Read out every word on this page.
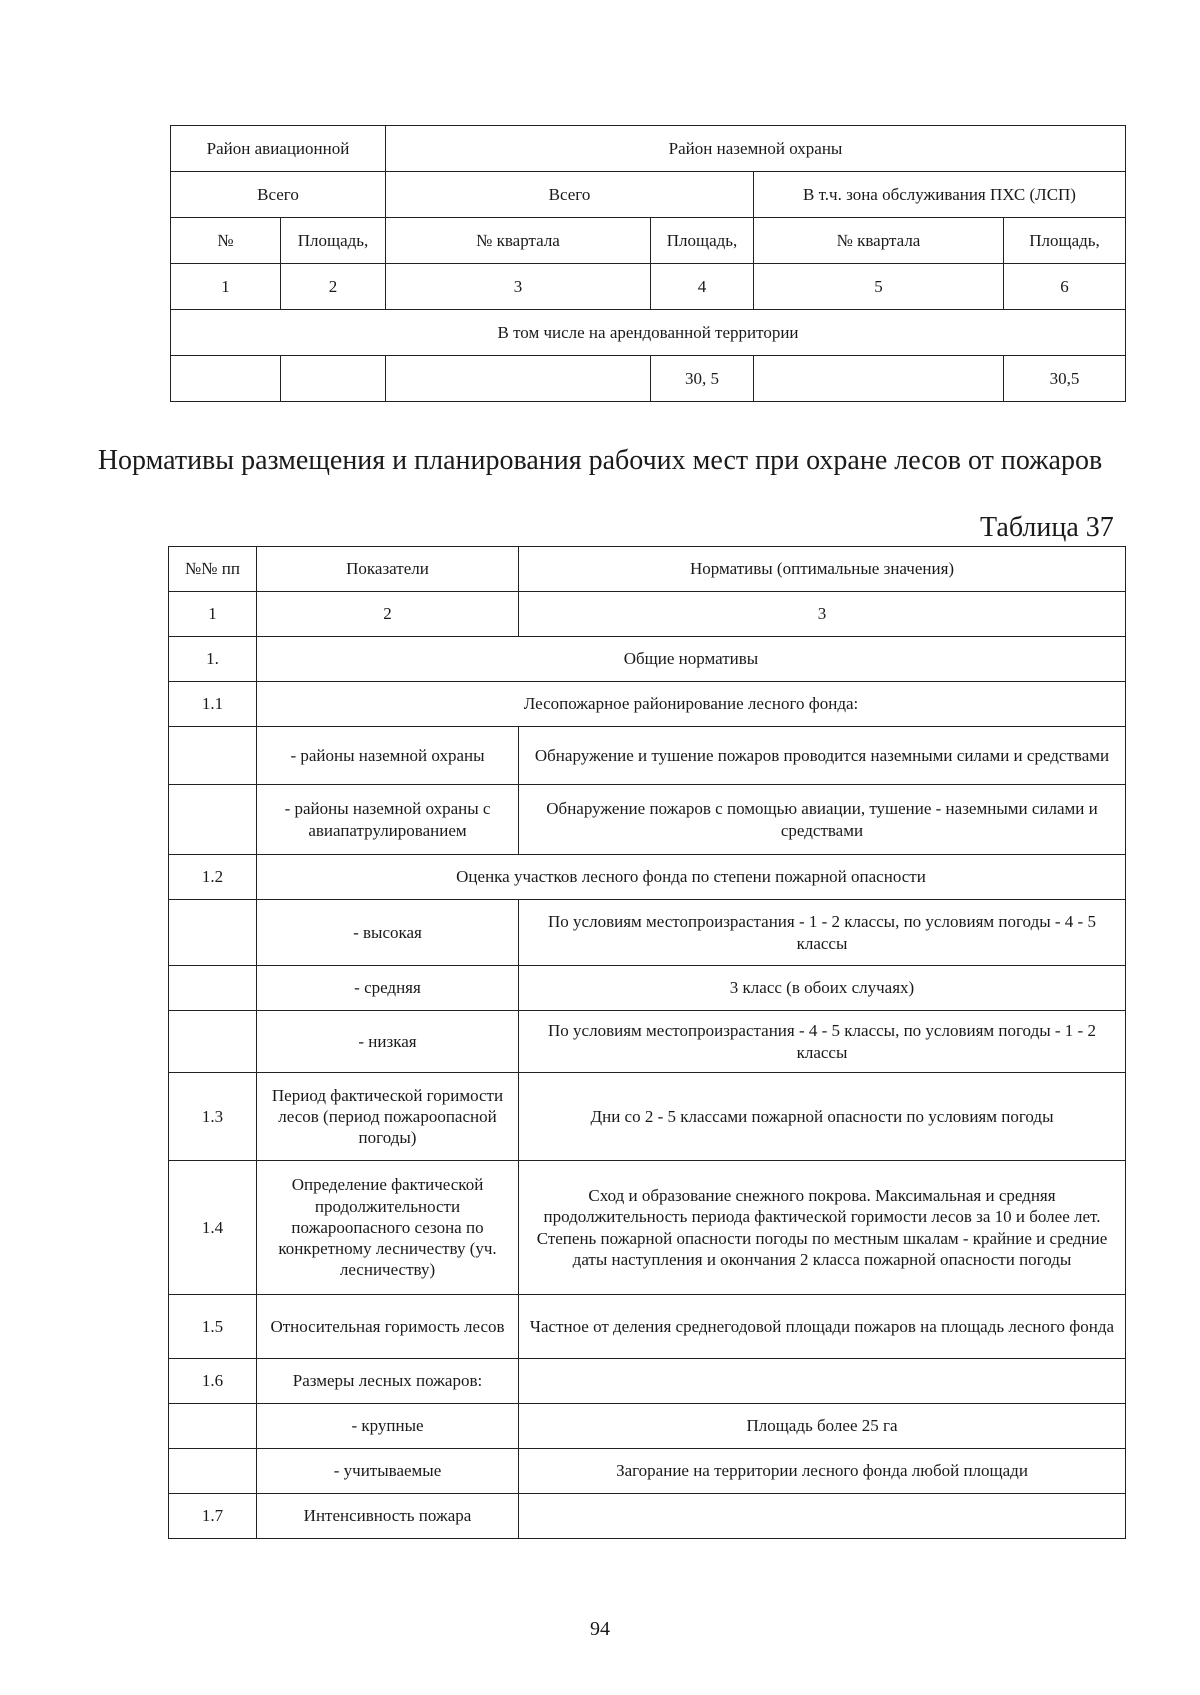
Район авиационной		Район наземной охраны			
Всего		Всего		В т.ч. зона обслуживания ПХС (ЛСП)	
№	Площадь,	№ квартала	Площадь,	№ квартала	Площадь,
1	2	3	4	5	6
В том числе на арендованной территории					
			30, 5		30,5
Нормативы размещения и планирования рабочих мест при охране лесов от пожаров
Таблица 37
№№ пп	Показатели	Нормативы (оптимальные значения)
1	2	3
1.	Общие нормативы	
1.1	Лесопожарное районирование лесного фонда:	
	- районы наземной охраны	Обнаружение и тушение пожаров проводится наземными силами и средствами
	- районы наземной охраны с авиапатрулированием	Обнаружение пожаров с помощью авиации, тушение - наземными силами и средствами
1.2	Оценка участков лесного фонда по степени пожарной опасности	
	- высокая	По условиям местопроизрастания - 1 - 2 классы, по условиям погоды - 4 - 5 классы
	- средняя	3 класс (в обоих случаях)
	- низкая	По условиям местопроизрастания - 4 - 5 классы, по условиям погоды - 1 - 2 классы
1.3	Период фактической горимости лесов (период пожароопасной погоды)	Дни со 2 - 5 классами пожарной опасности по условиям погоды
1.4	Определение фактической продолжительности пожароопасного сезона по конкретному лесничеству (уч. лесничеству)	Сход и образование снежного покрова. Максимальная и средняя продолжительность периода фактической горимости лесов за 10 и более лет. Степень пожарной опасности погоды по местным шкалам - крайние и средние даты наступления и окончания 2 класса пожарной опасности погоды
1.5	Относительная горимость лесов	Частное от деления среднегодовой площади пожаров на площадь лесного фонда
1.6	Размеры лесных пожаров:	
	- крупные	Площадь более 25 га
	- учитываемые	Загорание на территории лесного фонда любой площади
1.7	Интенсивность пожара	
94
